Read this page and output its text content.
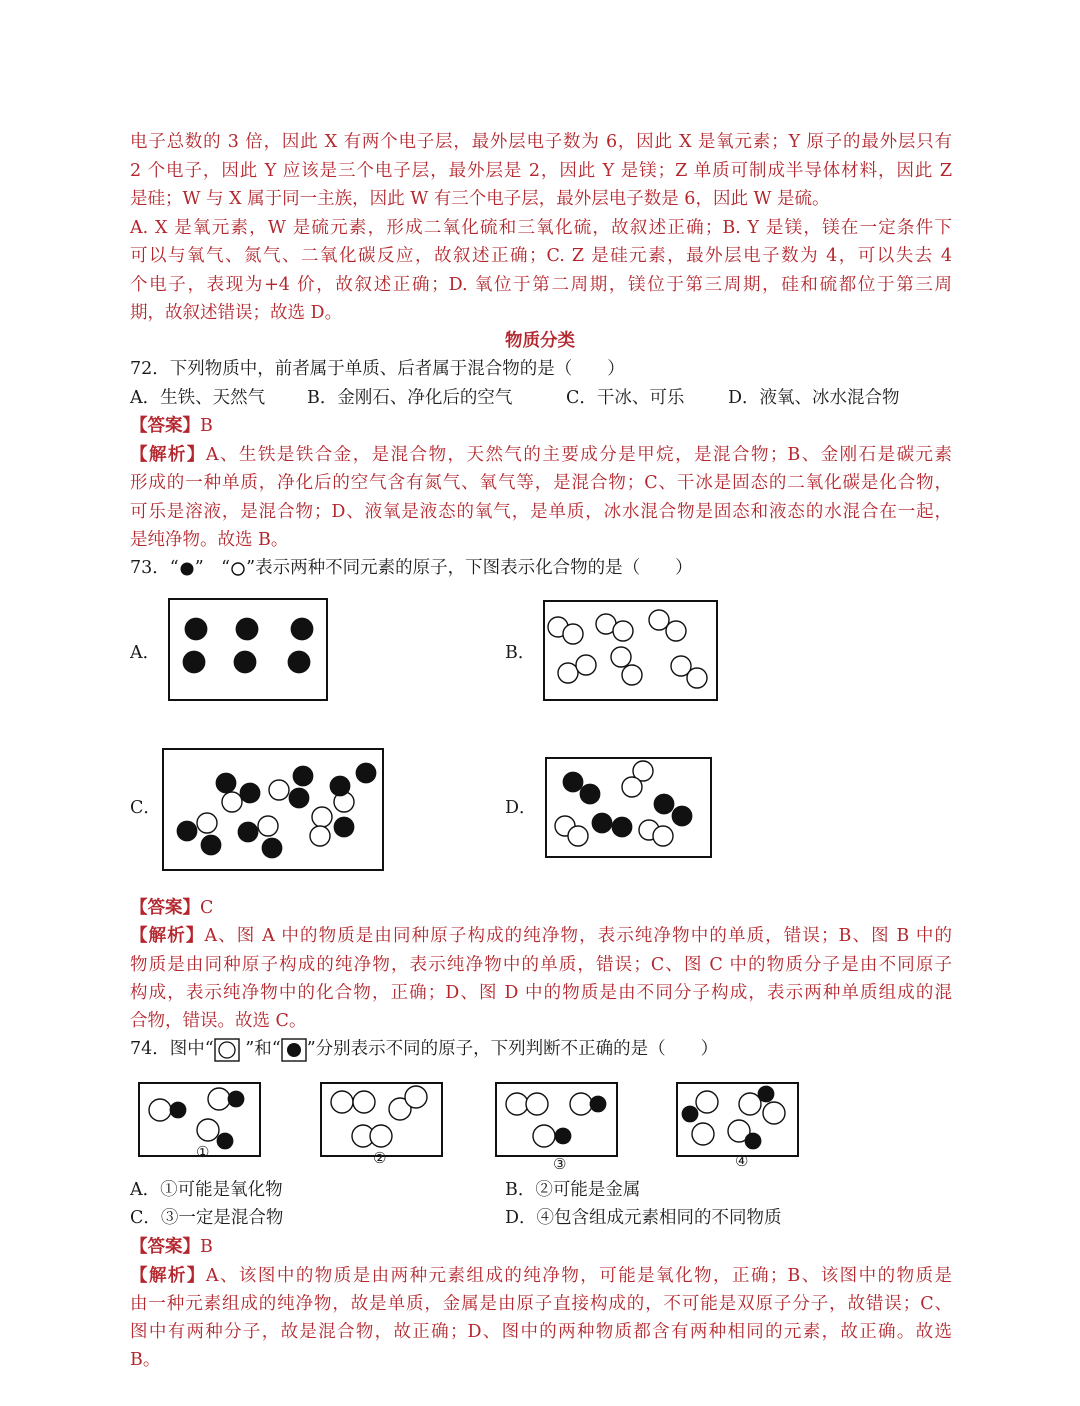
电子总数的 3 倍，因此 X 有两个电子层，最外层电子数为 6，因此 X 是氧元素；Y 原子的最外层只有
2 个电子，因此 Y 应该是三个电子层，最外层是 2，因此 Y 是镁；Z 单质可制成半导体材料，因此 Z
是硅；W 与 X 属于同一主族，因此 W 有三个电子层，最外层电子数是 6，因此 W 是硫。
A. X 是氧元素，W 是硫元素，形成二氧化硫和三氧化硫，故叙述正确；B. Y 是镁，镁在一定条件下
可以与氧气、氮气、二氧化碳反应，故叙述正确；C. Z 是硅元素，最外层电子数为 4，可以失去 4
个电子，表现为+4 价，故叙述正确；D. 氧位于第二周期，镁位于第三周期，硅和硫都位于第三周
期，故叙述错误；故选 D。
物质分类
72．下列物质中，前者属于单质、后者属于混合物的是（　　）
A．生铁、天然气 B．金刚石、净化后的空气	C．干冰、可乐 D．液氧、冰水混合物
【答案】B
【解析】A、生铁是铁合金，是混合物，天然气的主要成分是甲烷，是混合物；B、金刚石是碳元素
形成的一种单质，净化后的空气含有氮气、氧气等，是混合物；C、干冰是固态的二氧化碳是化合物，
可乐是溶液，是混合物；D、液氧是液态的氧气，是单质，冰水混合物是固态和液态的水混合在一起，
是纯净物。故选 B。
73．“ ”　“ ”表示两种不同元素的原子，下图表示化合物的是（　　）
A．	B．
C．	D．
【答案】C
【解析】A、图 A 中的物质是由同种原子构成的纯净物，表示纯净物中的单质，错误；B、图 B 中的
物质是由同种原子构成的纯净物，表示纯净物中的单质，错误；C、图 C 中的物质分子是由不同原子
构成，表示纯净物中的化合物，正确；D、图 D 中的物质是由不同分子构成，表示两种单质组成的混
合物，错误。故选 C。
74．图中“ ”和“ ”分别表示不同的原子，下列判断不正确的是（　　）
①	②	③	④
A．①可能是氧化物	B．②可能是金属
C．③一定是混合物	D．④包含组成元素相同的不同物质
【答案】B
【解析】A、该图中的物质是由两种元素组成的纯净物，可能是氧化物，正确；B、该图中的物质是
由一种元素组成的纯净物，故是单质，金属是由原子直接构成的，不可能是双原子分子，故错误；C、
图中有两种分子，故是混合物，故正确；D、图中的两种物质都含有两种相同的元素，故正确。故选
B。
